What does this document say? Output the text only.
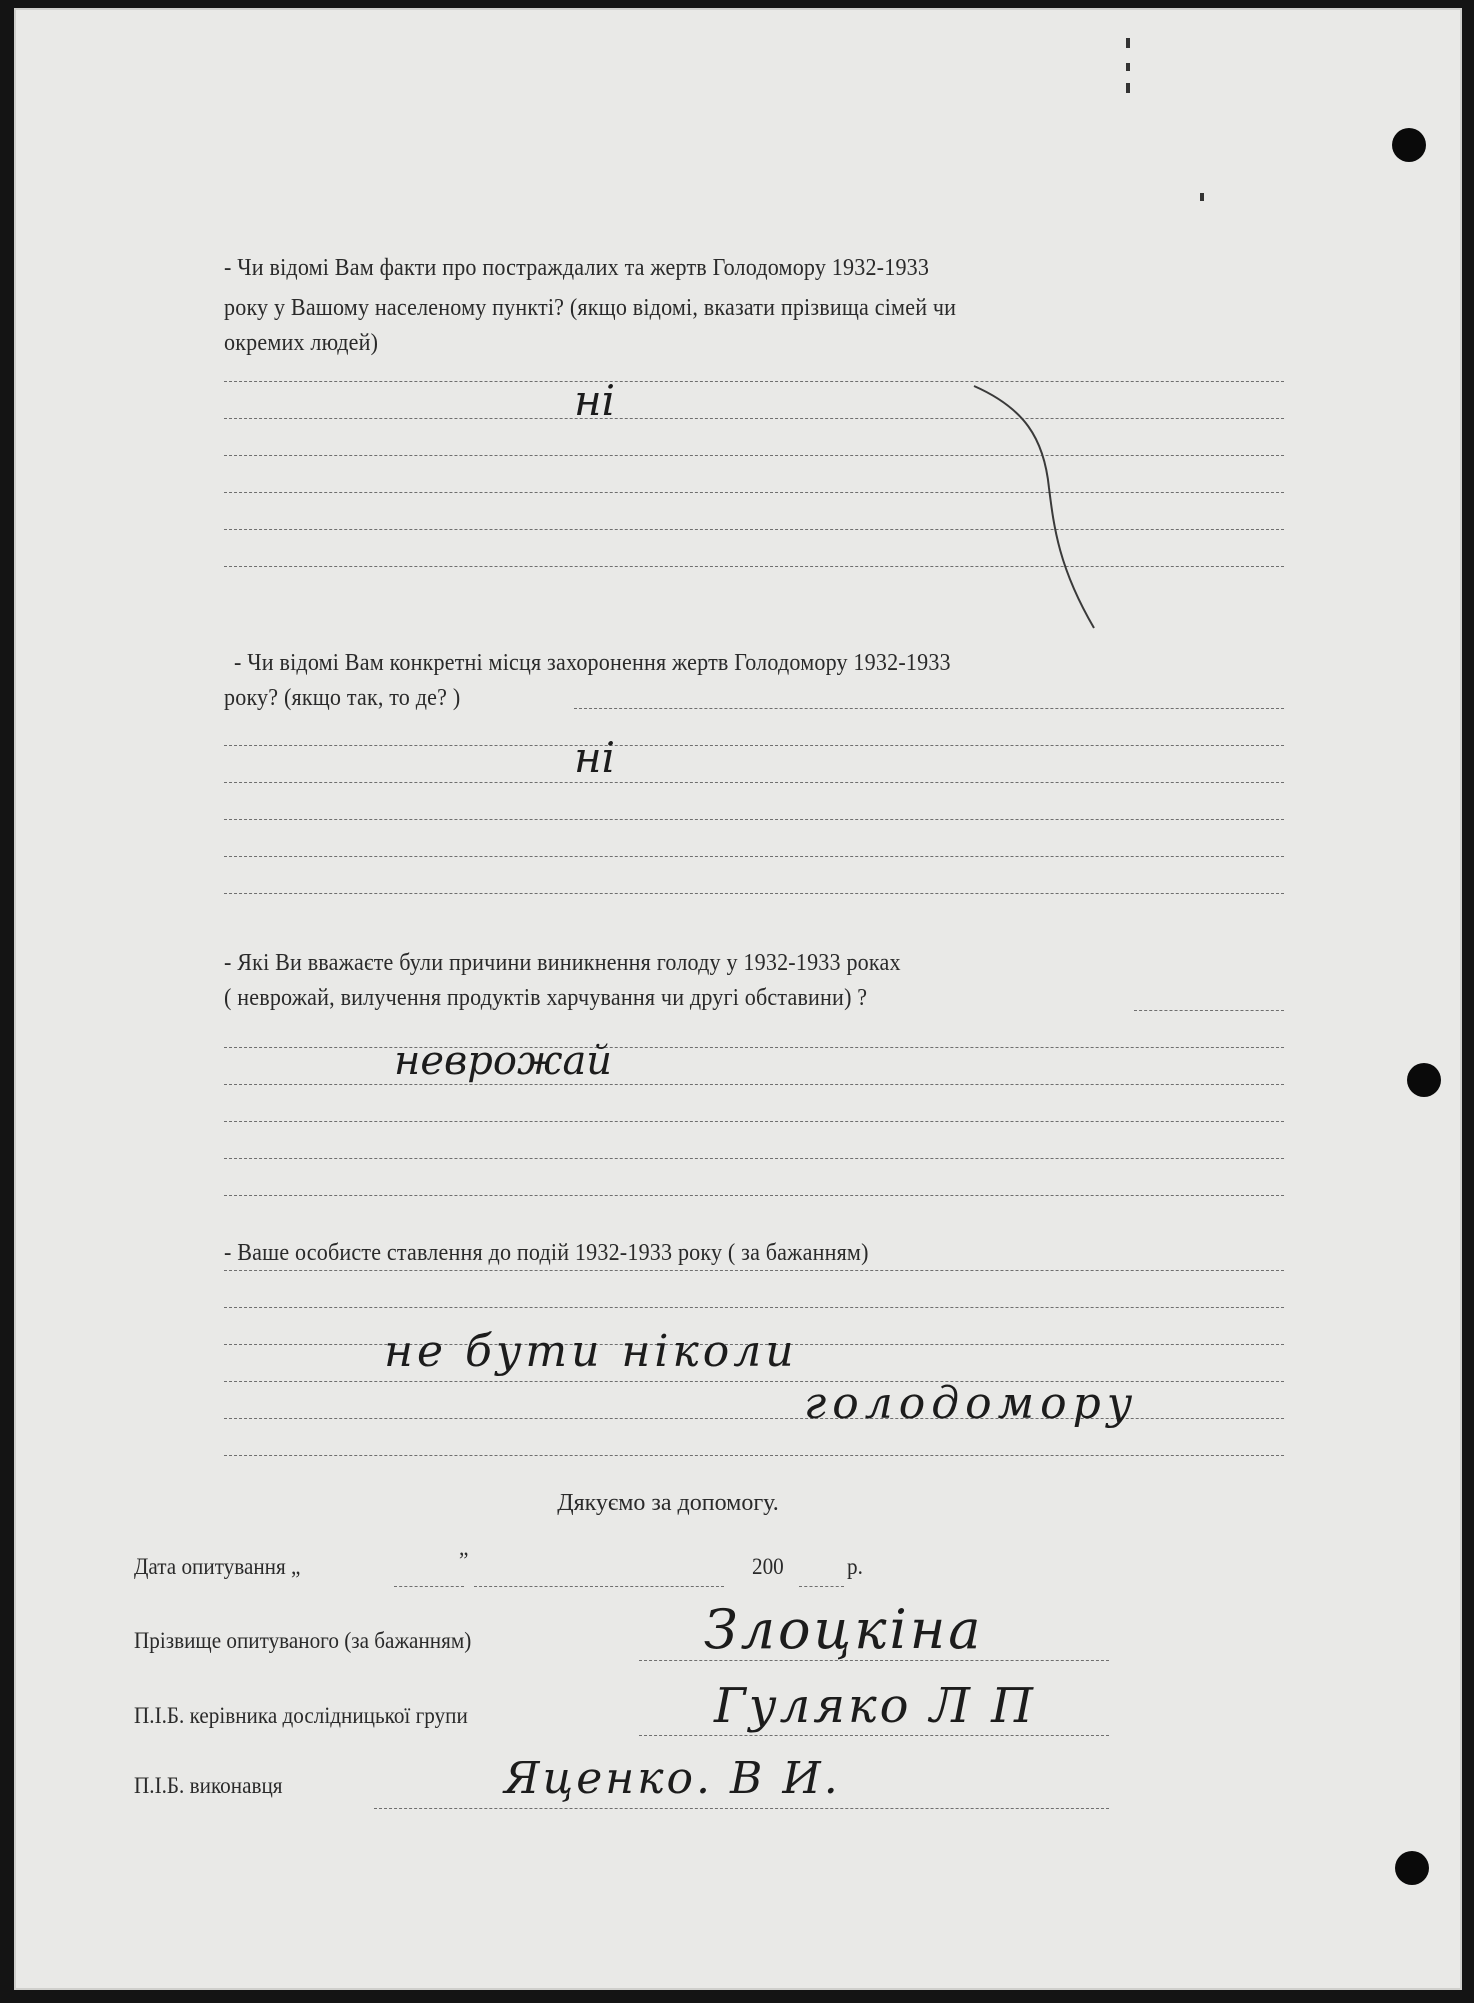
- Чи відомі Вам факти про постраждалих та жертв Голодомору 1932-1933
року у Вашому населеному пункті? (якщо відомі, вказати прізвища сімей чи
окремих людей)
ні
- Чи відомі Вам конкретні місця захоронення жертв Голодомору 1932-1933
року? (якщо так, то де? )
ні
- Які Ви вважаєте були причини виникнення голоду у 1932-1933 роках
( неврожай, вилучення продуктів харчування чи другі обставини) ?
неврожай
- Ваше особисте ставлення до подій 1932-1933 року ( за бажанням)
не бути ніколи
голодомору
Дякуємо за допомогу.
Дата опитування „	”	200	р.
Прізвище опитуваного (за бажанням)	Злоцкіна
П.І.Б. керівника дослідницької групи	Гуляко Л П
П.І.Б. виконавця	Яценко. В И.
